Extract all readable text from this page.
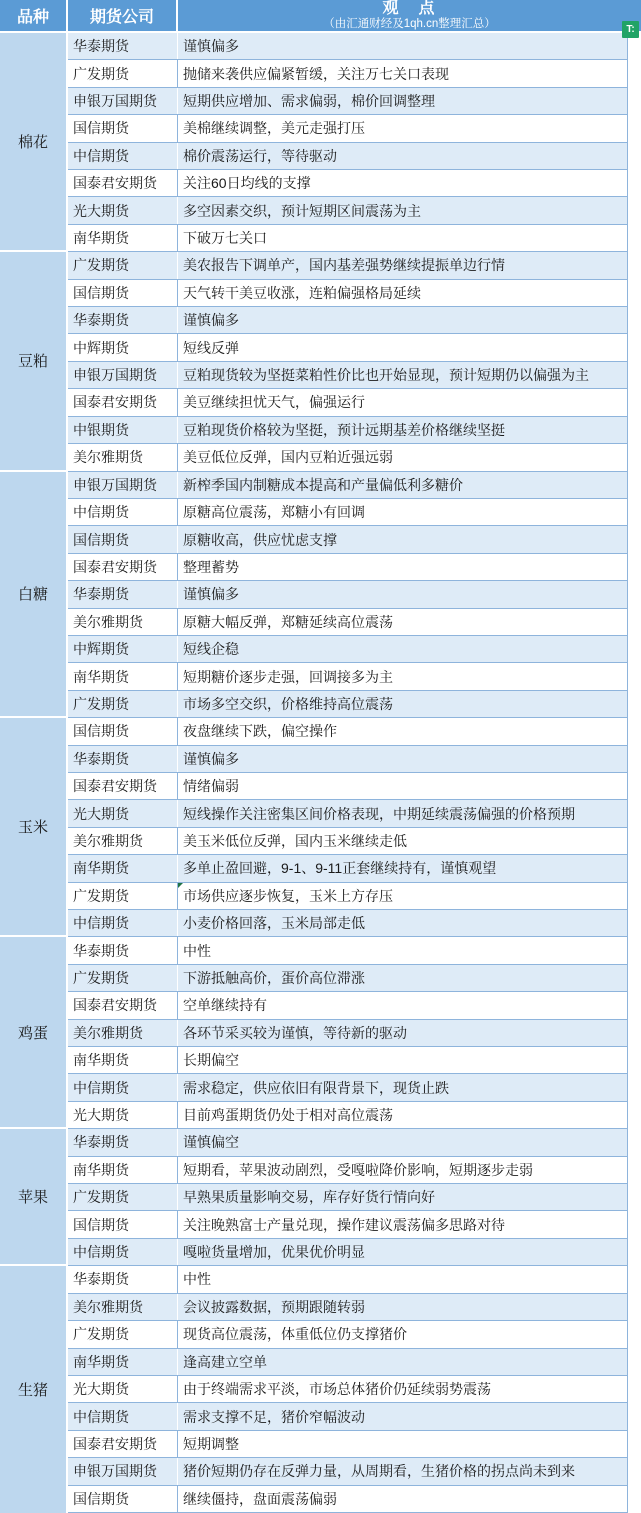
品种	期货公司
观　点
（由汇通财经及1qh.cn整理汇总）	T:
棉花
华泰期货	谨慎偏多
广发期货	抛储来袭供应偏紧暂缓，关注万七关口表现
申银万国期货	短期供应增加、需求偏弱，棉价回调整理
国信期货	美棉继续调整，美元走强打压
中信期货	棉价震荡运行，等待驱动
国泰君安期货	关注60日均线的支撑
光大期货	多空因素交织，预计短期区间震荡为主
南华期货	下破万七关口
豆粕
广发期货	美农报告下调单产，国内基差强势继续提振单边行情
国信期货	天气转干美豆收涨，连粕偏强格局延续
华泰期货	谨慎偏多
中辉期货	短线反弹
申银万国期货	豆粕现货较为坚挺菜粕性价比也开始显现，预计短期仍以偏强为主
国泰君安期货	美豆继续担忧天气，偏强运行
中银期货	豆粕现货价格较为坚挺，预计远期基差价格继续坚挺
美尔雅期货	美豆低位反弹，国内豆粕近强远弱
白糖
申银万国期货	新榨季国内制糖成本提高和产量偏低利多糖价
中信期货	原糖高位震荡，郑糖小有回调
国信期货	原糖收高，供应忧虑支撑
国泰君安期货	整理蓄势
华泰期货	谨慎偏多
美尔雅期货	原糖大幅反弹，郑糖延续高位震荡
中辉期货	短线企稳
南华期货	短期糖价逐步走强，回调接多为主
广发期货	市场多空交织，价格维持高位震荡
玉米
国信期货	夜盘继续下跌，偏空操作
华泰期货	谨慎偏多
国泰君安期货	情绪偏弱
光大期货	短线操作关注密集区间价格表现，中期延续震荡偏强的价格预期
美尔雅期货	美玉米低位反弹，国内玉米继续走低
南华期货	多单止盈回避，9-1、9-11正套继续持有，谨慎观望
广发期货	市场供应逐步恢复，玉米上方存压
中信期货	小麦价格回落，玉米局部走低
鸡蛋
华泰期货	中性
广发期货	下游抵触高价，蛋价高位滞涨
国泰君安期货	空单继续持有
美尔雅期货	各环节采买较为谨慎，等待新的驱动
南华期货	长期偏空
中信期货	需求稳定，供应依旧有限背景下，现货止跌
光大期货	目前鸡蛋期货仍处于相对高位震荡
苹果
华泰期货	谨慎偏空
南华期货	短期看，苹果波动剧烈，受嘎啦降价影响，短期逐步走弱
广发期货	早熟果质量影响交易，库存好货行情向好
国信期货	关注晚熟富士产量兑现，操作建议震荡偏多思路对待
中信期货	嘎啦货量增加，优果优价明显
生猪
华泰期货	中性
美尔雅期货	会议披露数据，预期跟随转弱
广发期货	现货高位震荡，体重低位仍支撑猪价
南华期货	逢高建立空单
光大期货	由于终端需求平淡，市场总体猪价仍延续弱势震荡
中信期货	需求支撑不足，猪价窄幅波动
国泰君安期货	短期调整
申银万国期货	猪价短期仍存在反弹力量，从周期看，生猪价格的拐点尚未到来
国信期货	继续僵持，盘面震荡偏弱
